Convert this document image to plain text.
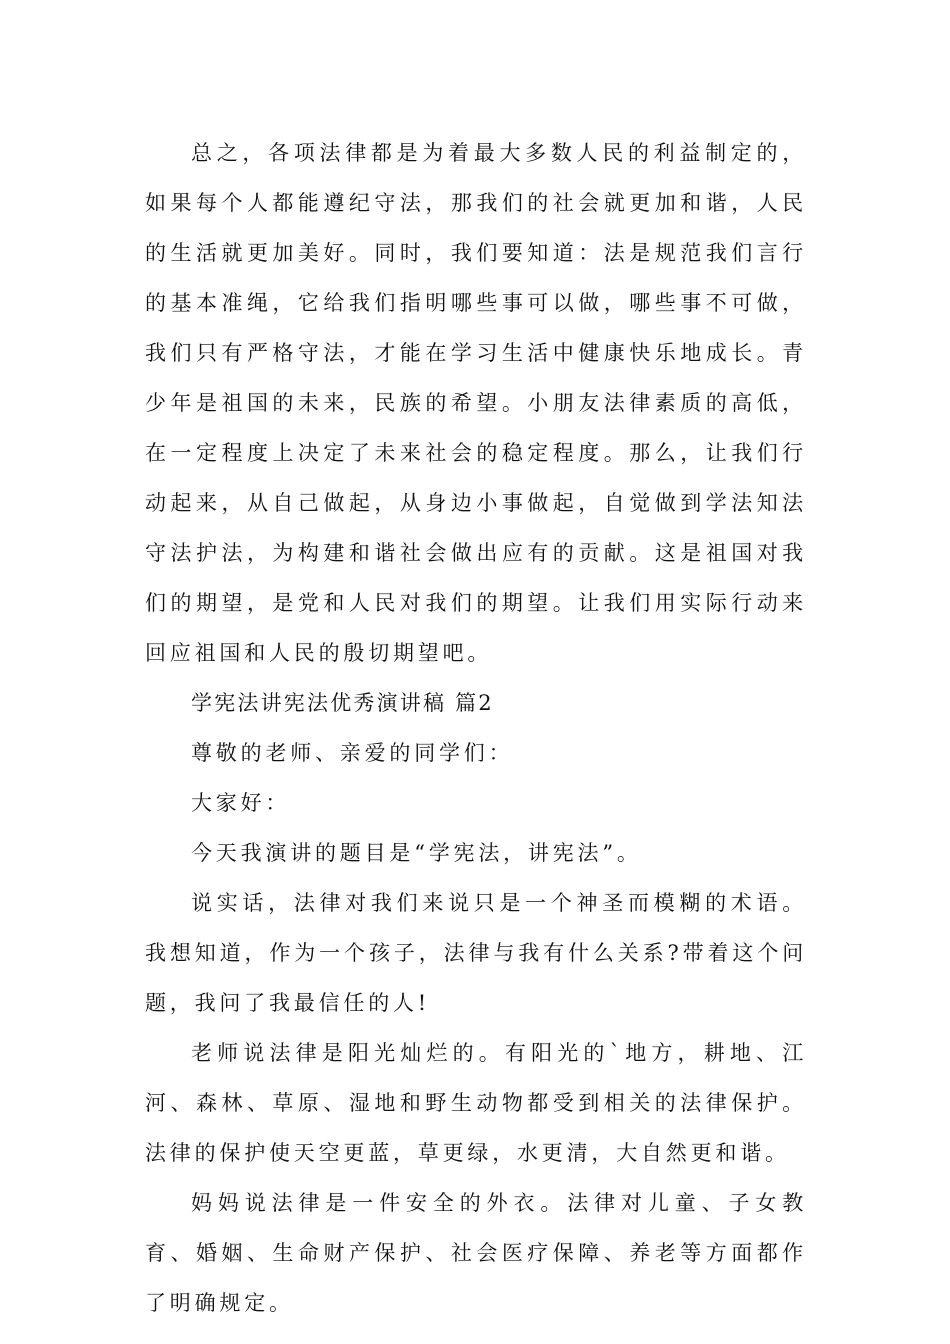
总之，各项法律都是为着最大多数人民的利益制定的，如果每个人都能遵纪守法，那我们的社会就更加和谐，人民的生活就更加美好。同时，我们要知道：法是规范我们言行的基本准绳，它给我们指明哪些事可以做，哪些事不可做，我们只有严格守法，才能在学习生活中健康快乐地成长。青少年是祖国的未来，民族的希望。小朋友法律素质的高低，在一定程度上决定了未来社会的稳定程度。那么，让我们行动起来，从自己做起，从身边小事做起，自觉做到学法知法守法护法，为构建和谐社会做出应有的贡献。这是祖国对我们的期望，是党和人民对我们的期望。让我们用实际行动来回应祖国和人民的殷切期望吧。

学宪法讲宪法优秀演讲稿 篇2

尊敬的老师、亲爱的同学们：

大家好：

今天我演讲的题目是“学宪法，讲宪法”。

说实话，法律对我们来说只是一个神圣而模糊的术语。我想知道，作为一个孩子，法律与我有什么关系?带着这个问题，我问了我最信任的人!

老师说法律是阳光灿烂的。有阳光的`地方，耕地、江河、森林、草原、湿地和野生动物都受到相关的法律保护。法律的保护使天空更蓝，草更绿，水更清，大自然更和谐。

妈妈说法律是一件安全的外衣。法律对儿童、子女教育、婚姻、生命财产保护、社会医疗保障、养老等方面都作了明确规定。
